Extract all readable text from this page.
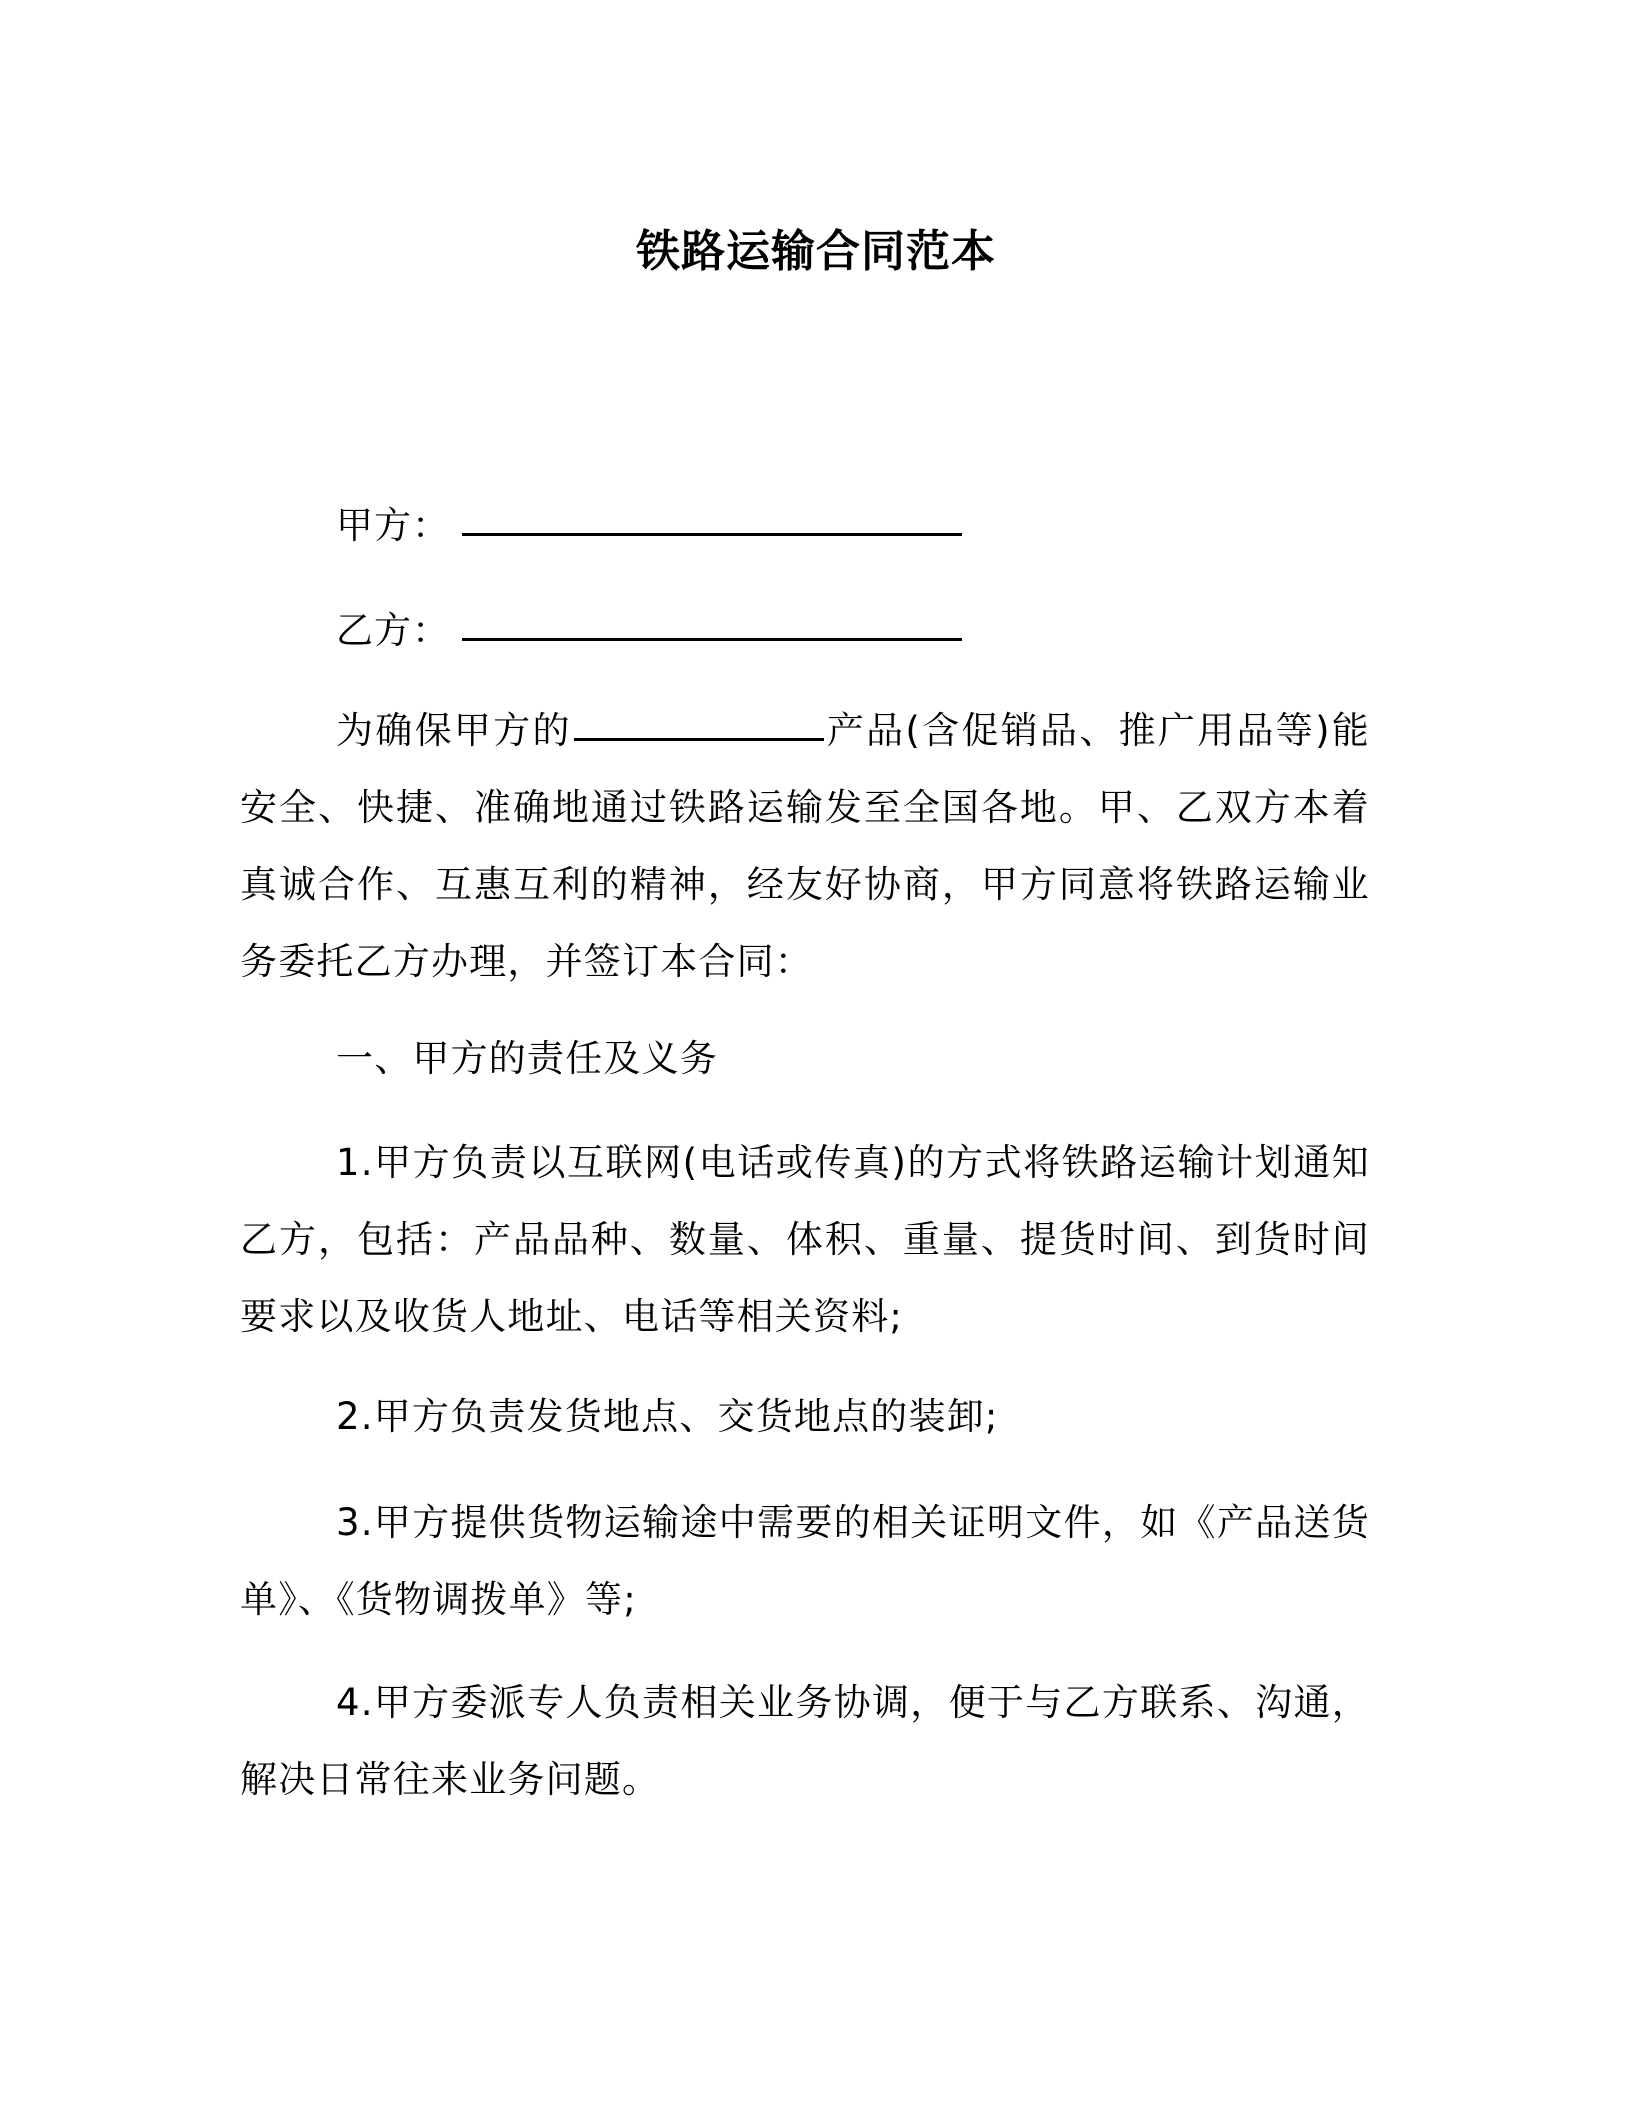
铁路运输合同范本
甲方：
乙方：

为确保甲方的	产品(含促销品、推广用品等)能安全、快捷、准确地通过铁路运输发至全国各地。甲、乙双方本着真诚合作、互惠互利的精神，经友好协商，甲方同意将铁路运输业务委托乙方办理，并签订本合同：

一、甲方的责任及义务

1.甲方负责以互联网(电话或传真)的方式将铁路运输计划通知乙方，包括：产品品种、数量、体积、重量、提货时间、到货时间要求以及收货人地址、电话等相关资料;

2.甲方负责发货地点、交货地点的装卸;

3.甲方提供货物运输途中需要的相关证明文件，如《产品送货单》、《货物调拨单》等;

4.甲方委派专人负责相关业务协调，便于与乙方联系、沟通，解决日常往来业务问题。
